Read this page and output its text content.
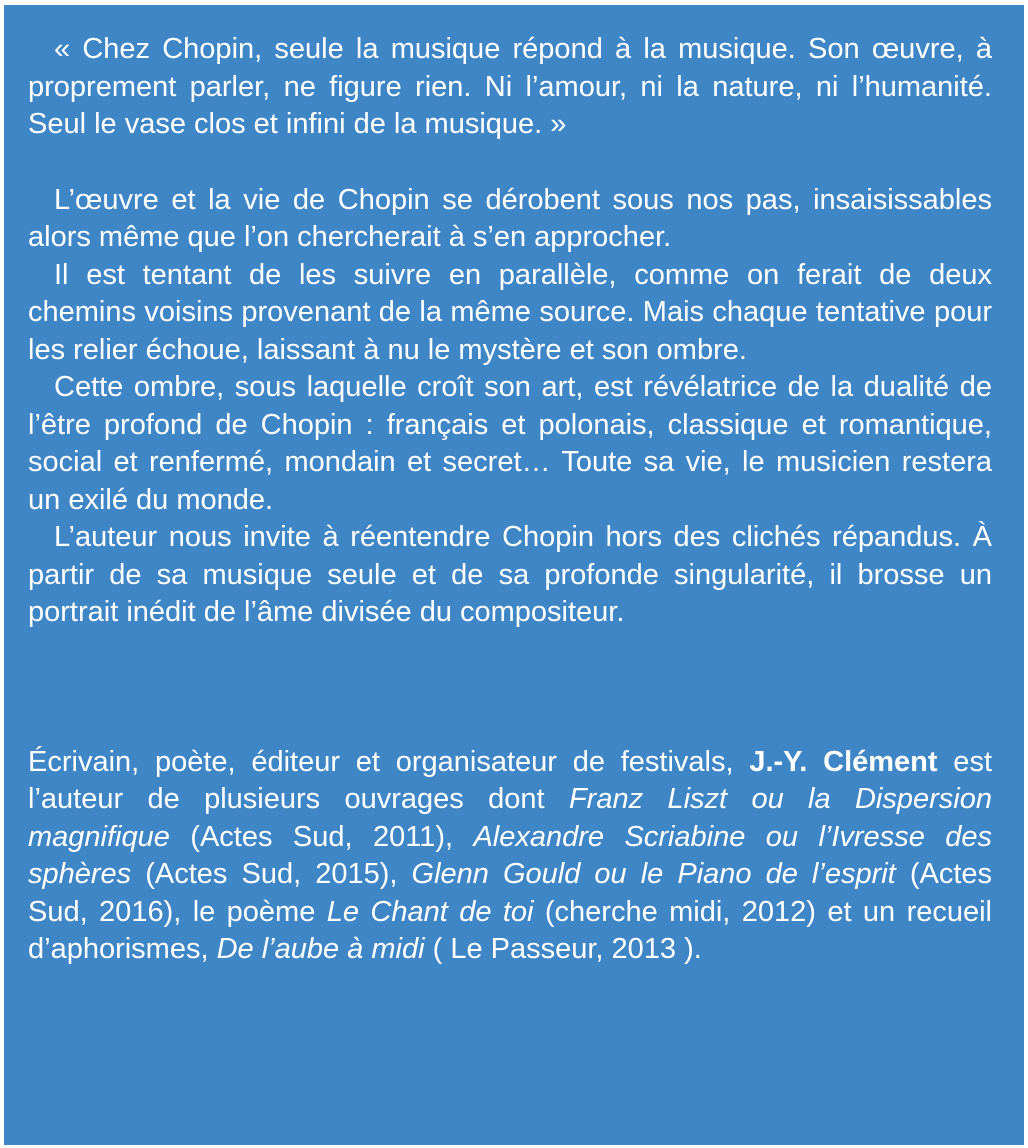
« Chez Chopin, seule la musique répond à la musique. Son œuvre, à proprement parler, ne figure rien. Ni l’amour, ni la nature, ni l’humanité. Seul le vase clos et infini de la musique. »

L’œuvre et la vie de Chopin se dérobent sous nos pas, insaisissables alors même que l’on chercherait à s’en approcher.

Il est tentant de les suivre en parallèle, comme on ferait de deux chemins voisins provenant de la même source. Mais chaque tentative pour les relier échoue, laissant à nu le mystère et son ombre.

Cette ombre, sous laquelle croît son art, est révélatrice de la dualité de l’être profond de Chopin : français et polonais, classique et romantique, social et renfermé, mondain et secret… Toute sa vie, le musicien restera un exilé du monde.

L’auteur nous invite à réentendre Chopin hors des clichés répandus. À partir de sa musique seule et de sa profonde singularité, il brosse un portrait inédit de l’âme divisée du compositeur.

Écrivain, poète, éditeur et organisateur de festivals, J.-Y. Clément est l’auteur de plusieurs ouvrages dont Franz Liszt ou la Dispersion magnifique (Actes Sud, 2011), Alexandre Scriabine ou l’Ivresse des sphères (Actes Sud, 2015), Glenn Gould ou le Piano de l’esprit (Actes Sud, 2016), le poème Le Chant de toi (cherche midi, 2012) et un recueil d’aphorismes, De l’aube à midi ( Le Passeur, 2013 ).
